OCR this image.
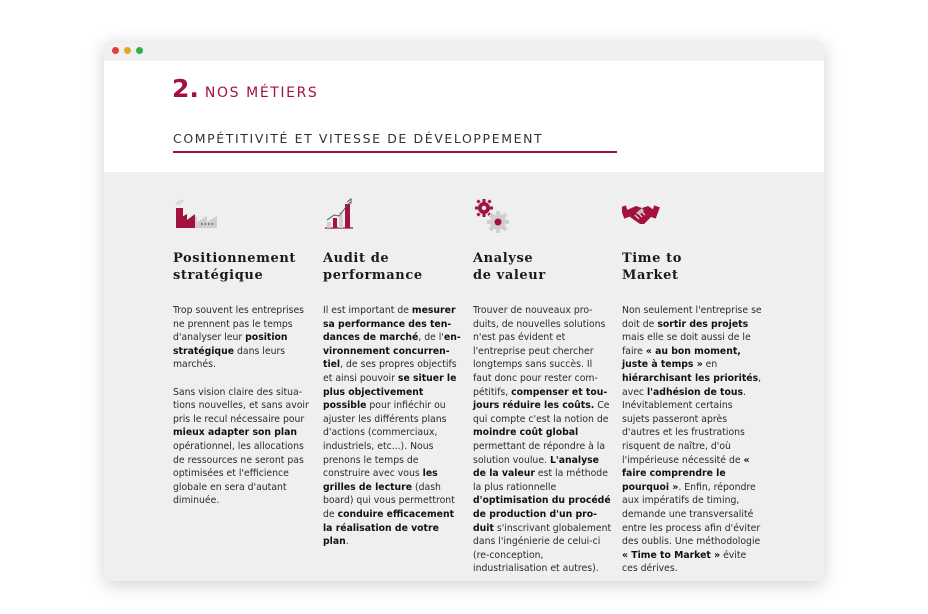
2. NOS MÉTIERS
COMPÉTITIVITÉ ET VITESSE DE DÉVELOPPEMENT
Positionnement
stratégique

Trop souvent les entreprises ne prennent pas le temps d'analyser leur position stratégique dans leurs marchés.

Sans vision claire des situations nouvelles, et sans avoir pris le recul nécessaire pour mieux adapter son plan opérationnel, les allocations de ressources ne seront pas optimisées et l'efficience globale en sera d'autant diminuée.

Audit de
performance

Il est important de mesurer sa performance des tendances de marché, de l'environnement concurrentiel, de ses propres objectifs et ainsi pouvoir se situer le plus objectivement possible pour infiéchir ou ajuster les différents plans d'actions (commerciaux, industriels, etc...). Nous prenons le temps de construire avec vous les grilles de lecture (dash board) qui vous permettront de conduire efficacement la réalisation de votre plan.

Analyse
de valeur

Trouver de nouveaux produits, de nouvelles solutions n'est pas évident et l'entreprise peut chercher longtemps sans succès. Il faut donc pour rester compétitifs, compenser et toujours réduire les coûts. Ce qui compte c'est la notion de moindre coût global permettant de répondre à la solution voulue. L'analyse de la valeur est la méthode la plus rationnelle d'optimisation du procédé de production d'un produit s'inscrivant globalement dans l'ingénierie de celui-ci (re-conception, industrialisation et autres).

Time to
Market

Non seulement l'entreprise se doit de sortir des projets mais elle se doit aussi de le faire « au bon moment, juste à temps » en hiérarchisant les priorités, avec l'adhésion de tous. Inévitablement certains sujets passeront après d'autres et les frustrations risquent de naître, d'où l'impérieuse nécessité de « faire comprendre le pourquoi ». Enfin, répondre aux impératifs de timing, demande une transversalité entre les process afin d'éviter des oublis. Une méthodologie « Time to Market » évite ces dérives.
